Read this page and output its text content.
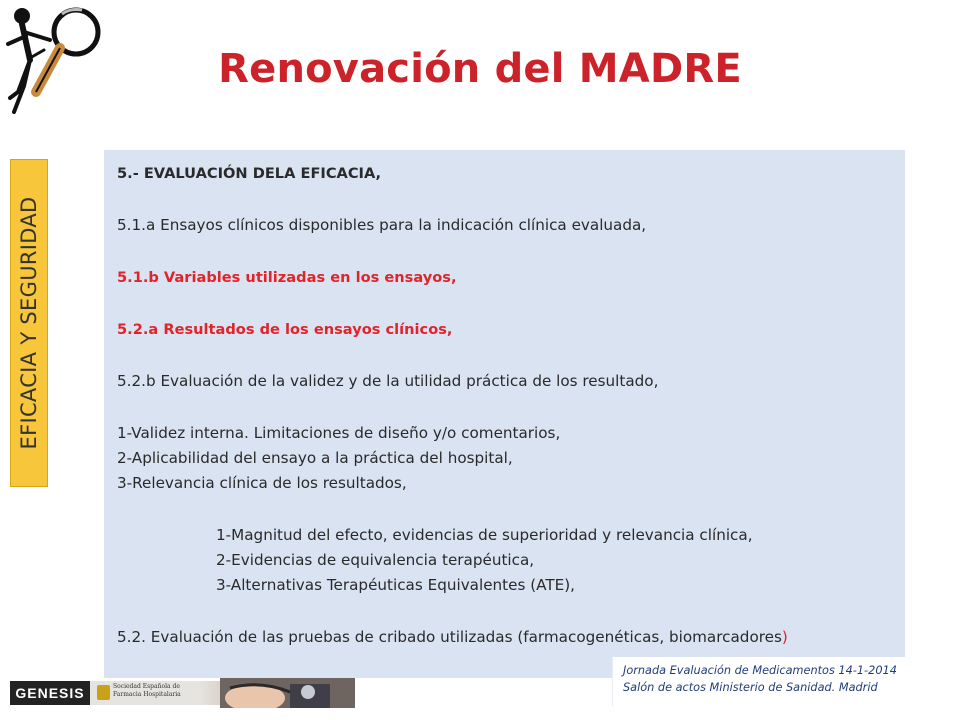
Renovación del MADRE
EFICACIA Y SEGURIDAD
5.- EVALUACIÓN DELA EFICACIA,
5.1.a Ensayos clínicos disponibles para la indicación clínica evaluada,
5.1.b Variables utilizadas en los ensayos,
5.2.a Resultados de los ensayos clínicos,
5.2.b Evaluación de la validez y de la utilidad práctica de los resultado,
1-Validez interna. Limitaciones de diseño y/o comentarios,
2-Aplicabilidad del ensayo a la práctica del hospital,
3-Relevancia clínica de los resultados,
1-Magnitud del efecto, evidencias de superioridad y relevancia clínica,
2-Evidencias de equivalencia terapéutica,
3-Alternativas Terapéuticas Equivalentes (ATE),
5.2. Evaluación de las pruebas de cribado utilizadas (farmacogenéticas, biomarcadores)
GENESIS	Sociedad Española de
Farmacia Hospitalaria
Jornada Evaluación de Medicamentos 14-1-2014
Salón de actos Ministerio de Sanidad. Madrid
